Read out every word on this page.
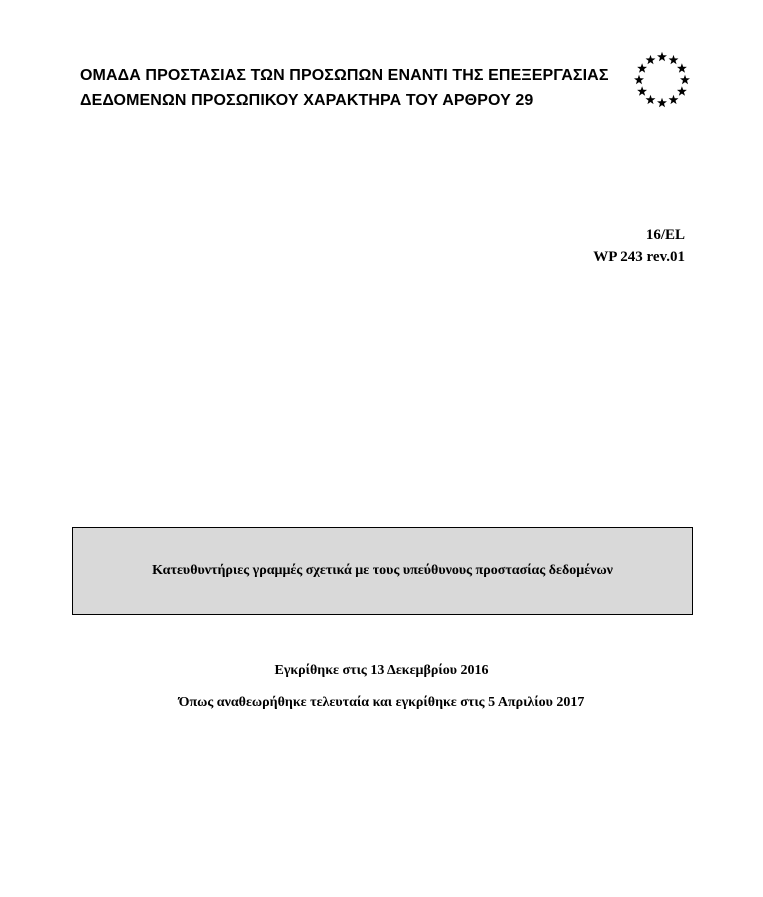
ΟΜΑΔΑ ΠΡΟΣΤΑΣΙΑΣ ΤΩΝ ΠΡΟΣΩΠΩΝ ΕΝΑΝΤΙ ΤΗΣ ΕΠΕΞΕΡΓΑΣΙΑΣ
ΔΕΔΟΜΕΝΩΝ ΠΡΟΣΩΠΙΚΟΥ ΧΑΡΑΚΤΗΡΑ ΤΟΥ ΑΡΘΡΟΥ 29
16/EL
WP 243 rev.01
Κατευθυντήριες γραμμές σχετικά με τους υπεύθυνους προστασίας δεδομένων
Εγκρίθηκε στις 13 Δεκεμβρίου 2016
Όπως αναθεωρήθηκε τελευταία και εγκρίθηκε στις 5 Απριλίου 2017
